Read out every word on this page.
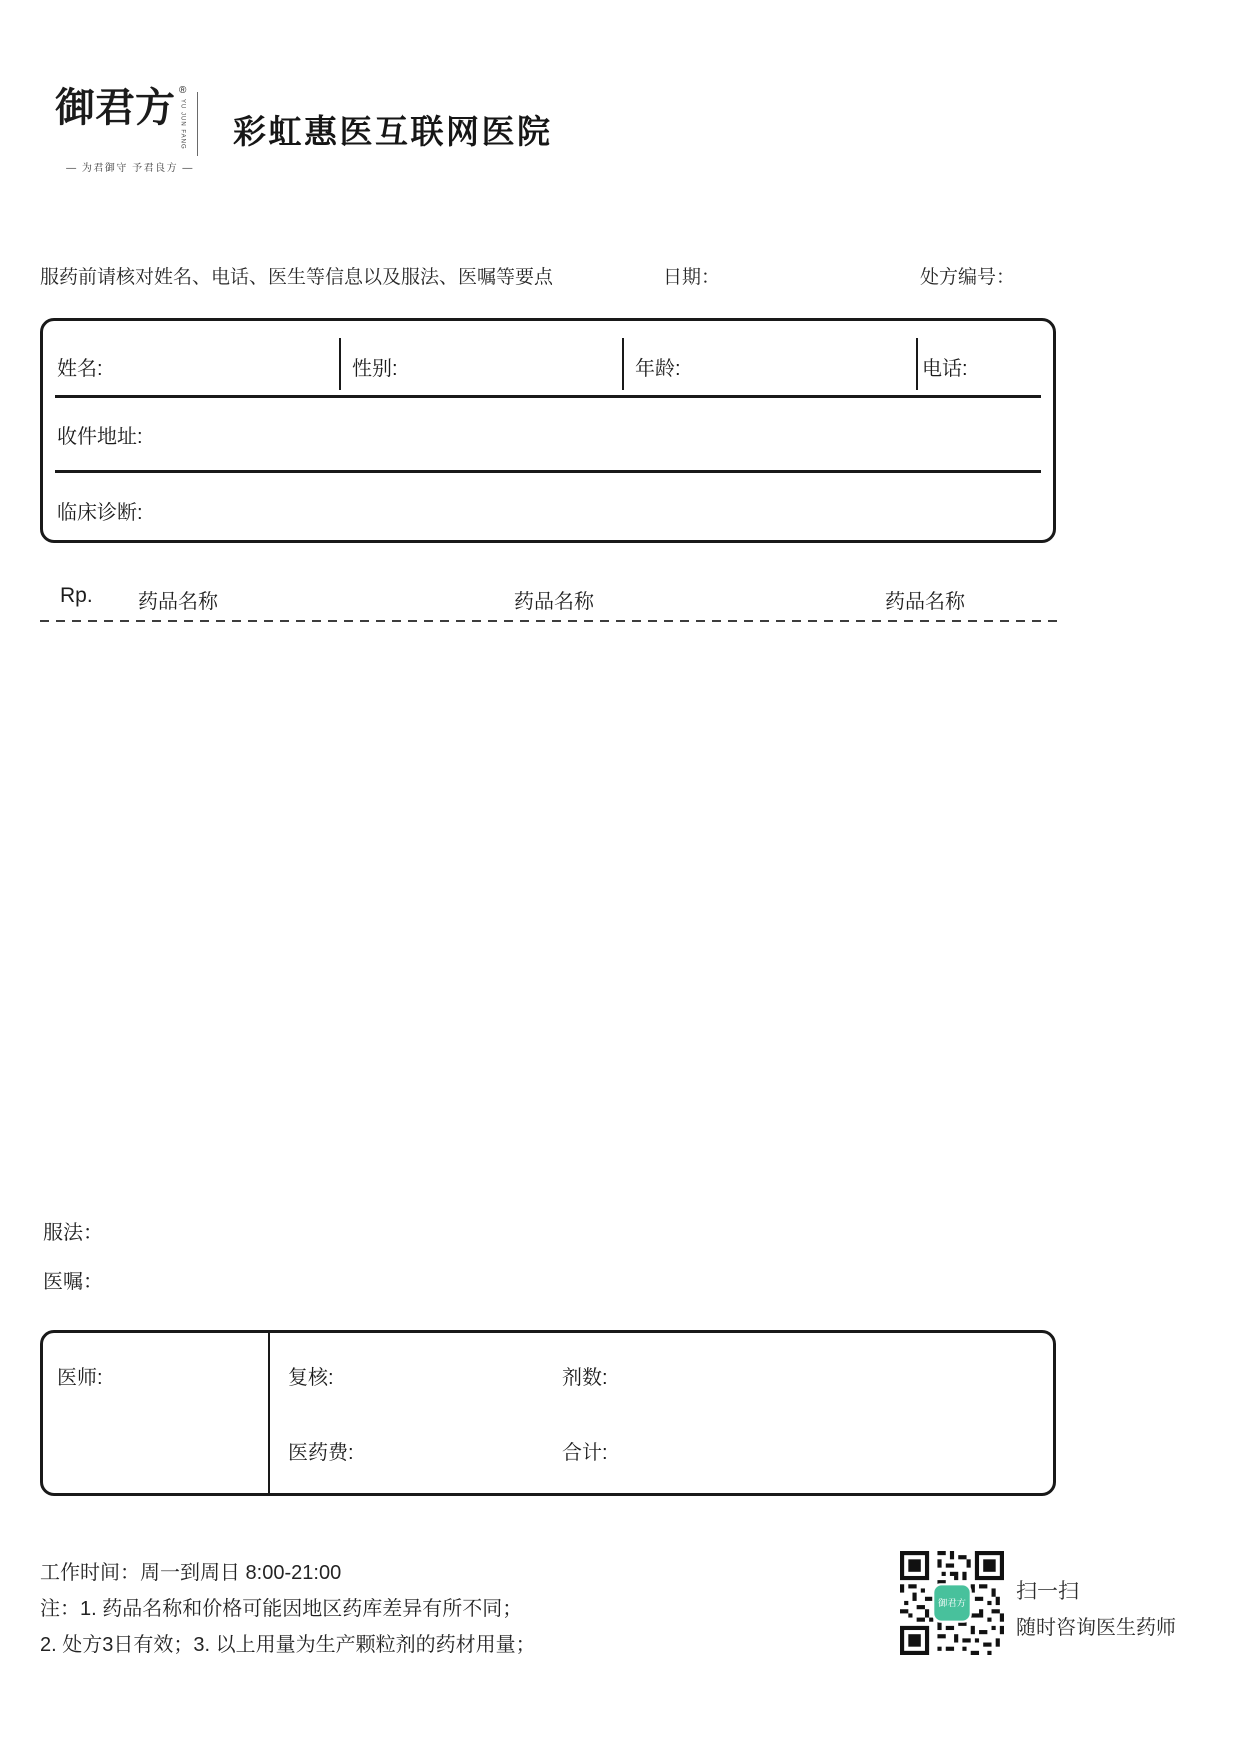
御君方 ®
YU JUN FANG
— 为君御守 予君良方 —
彩虹惠医互联网医院
服药前请核对姓名、电话、医生等信息以及服法、医嘱等要点	日期：	处方编号：
姓名:	性别:	年龄:	电话:
收件地址:
临床诊断:
Rp. 药品名称	药品名称	药品名称
服法：
医嘱：
医师:	复核:	剂数:
医药费:	合计:
工作时间：周一到周日 8:00-21:00
注：1. 药品名称和价格可能因地区药库差异有所不同；
2. 处方3日有效；3. 以上用量为生产颗粒剂的药材用量；
御君方
扫一扫
随时咨询医生药师
